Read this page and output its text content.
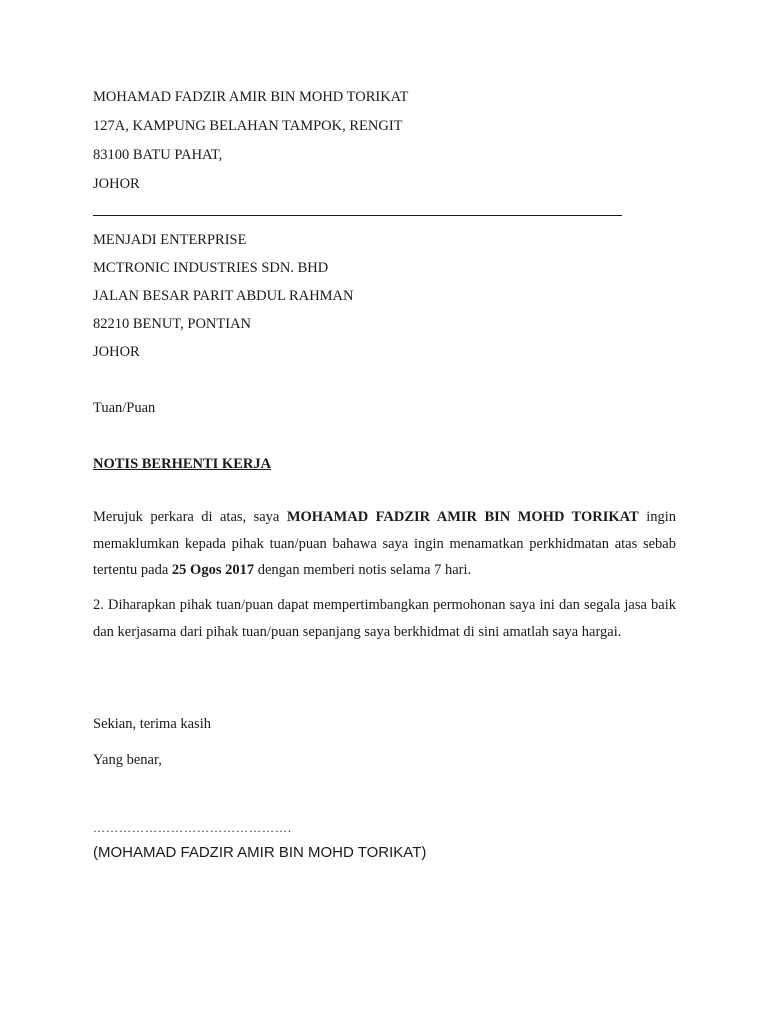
MOHAMAD FADZIR AMIR BIN MOHD TORIKAT
127A, KAMPUNG BELAHAN TAMPOK, RENGIT
83100 BATU PAHAT,
JOHOR
MENJADI ENTERPRISE
MCTRONIC INDUSTRIES SDN. BHD
JALAN BESAR PARIT ABDUL RAHMAN
82210 BENUT, PONTIAN
JOHOR
Tuan/Puan
NOTIS BERHENTI KERJA
Merujuk perkara di atas, saya MOHAMAD FADZIR AMIR BIN MOHD TORIKAT ingin memaklumkan kepada pihak tuan/puan bahawa saya ingin menamatkan perkhidmatan atas sebab tertentu pada 25 Ogos 2017 dengan memberi notis selama 7 hari.
2. Diharapkan pihak tuan/puan dapat mempertimbangkan permohonan saya ini dan segala jasa baik dan kerjasama dari pihak tuan/puan sepanjang saya berkhidmat di sini amatlah saya hargai.
Sekian, terima kasih
Yang benar,
……………………………………….
(MOHAMAD FADZIR AMIR BIN MOHD TORIKAT)
